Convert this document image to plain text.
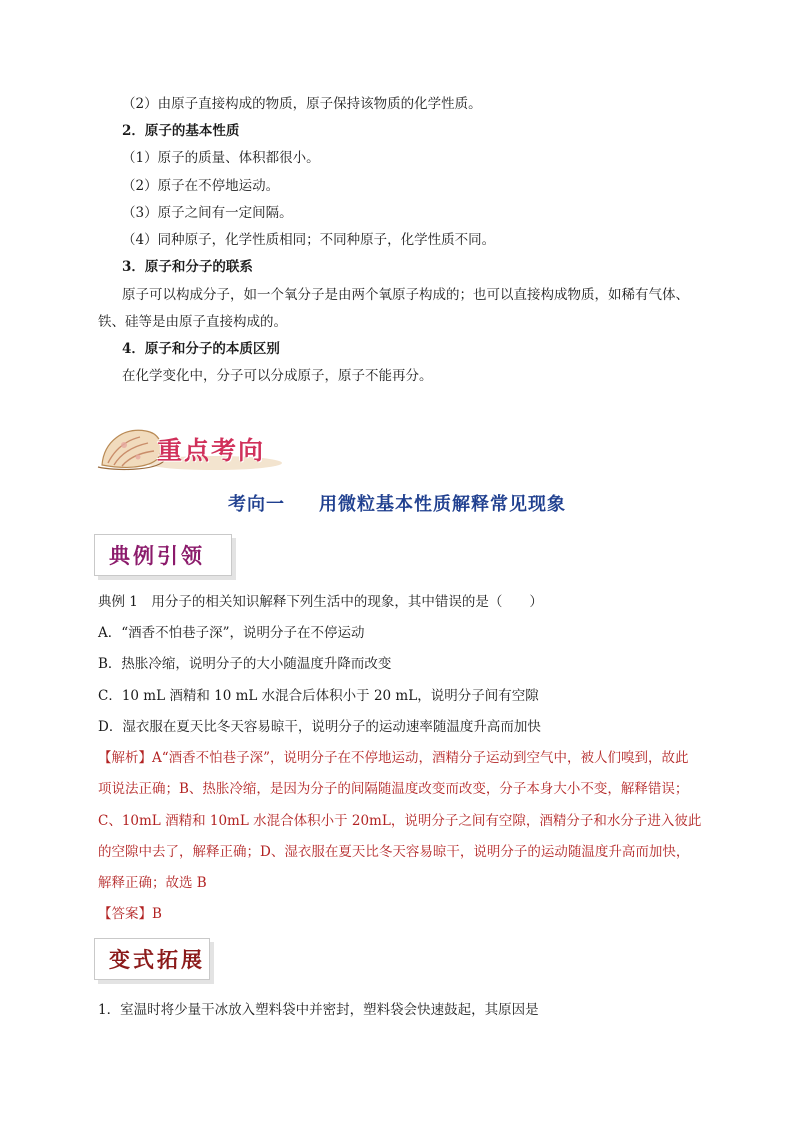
（2）由原子直接构成的物质，原子保持该物质的化学性质。
2．原子的基本性质
（1）原子的质量、体积都很小。
（2）原子在不停地运动。
（3）原子之间有一定间隔。
（4）同种原子，化学性质相同；不同种原子，化学性质不同。
3．原子和分子的联系
原子可以构成分子，如一个氧分子是由两个氧原子构成的；也可以直接构成物质，如稀有气体、
铁、硅等是由原子直接构成的。
4．原子和分子的本质区别
在化学变化中，分子可以分成原子，原子不能再分。
重点考向
考向一 用微粒基本性质解释常见现象
典例引领
典例 1　用分子的相关知识解释下列生活中的现象，其中错误的是（　　）
A．“酒香不怕巷子深”，说明分子在不停运动
B．热胀冷缩，说明分子的大小随温度升降而改变
C．10 mL 酒精和 10 mL 水混合后体积小于 20 mL，说明分子间有空隙
D．湿衣服在夏天比冬天容易晾干，说明分子的运动速率随温度升高而加快
【解析】A“酒香不怕巷子深”，说明分子在不停地运动，酒精分子运动到空气中，被人们嗅到，故此
项说法正确；B、热胀冷缩，是因为分子的间隔随温度改变而改变，分子本身大小不变，解释错误；
C、10mL 酒精和 10mL 水混合体积小于 20mL，说明分子之间有空隙，酒精分子和水分子进入彼此
的空隙中去了，解释正确；D、湿衣服在夏天比冬天容易晾干，说明分子的运动随温度升高而加快，
解释正确；故选 B
【答案】B
变式拓展
1．室温时将少量干冰放入塑料袋中并密封，塑料袋会快速鼓起，其原因是
